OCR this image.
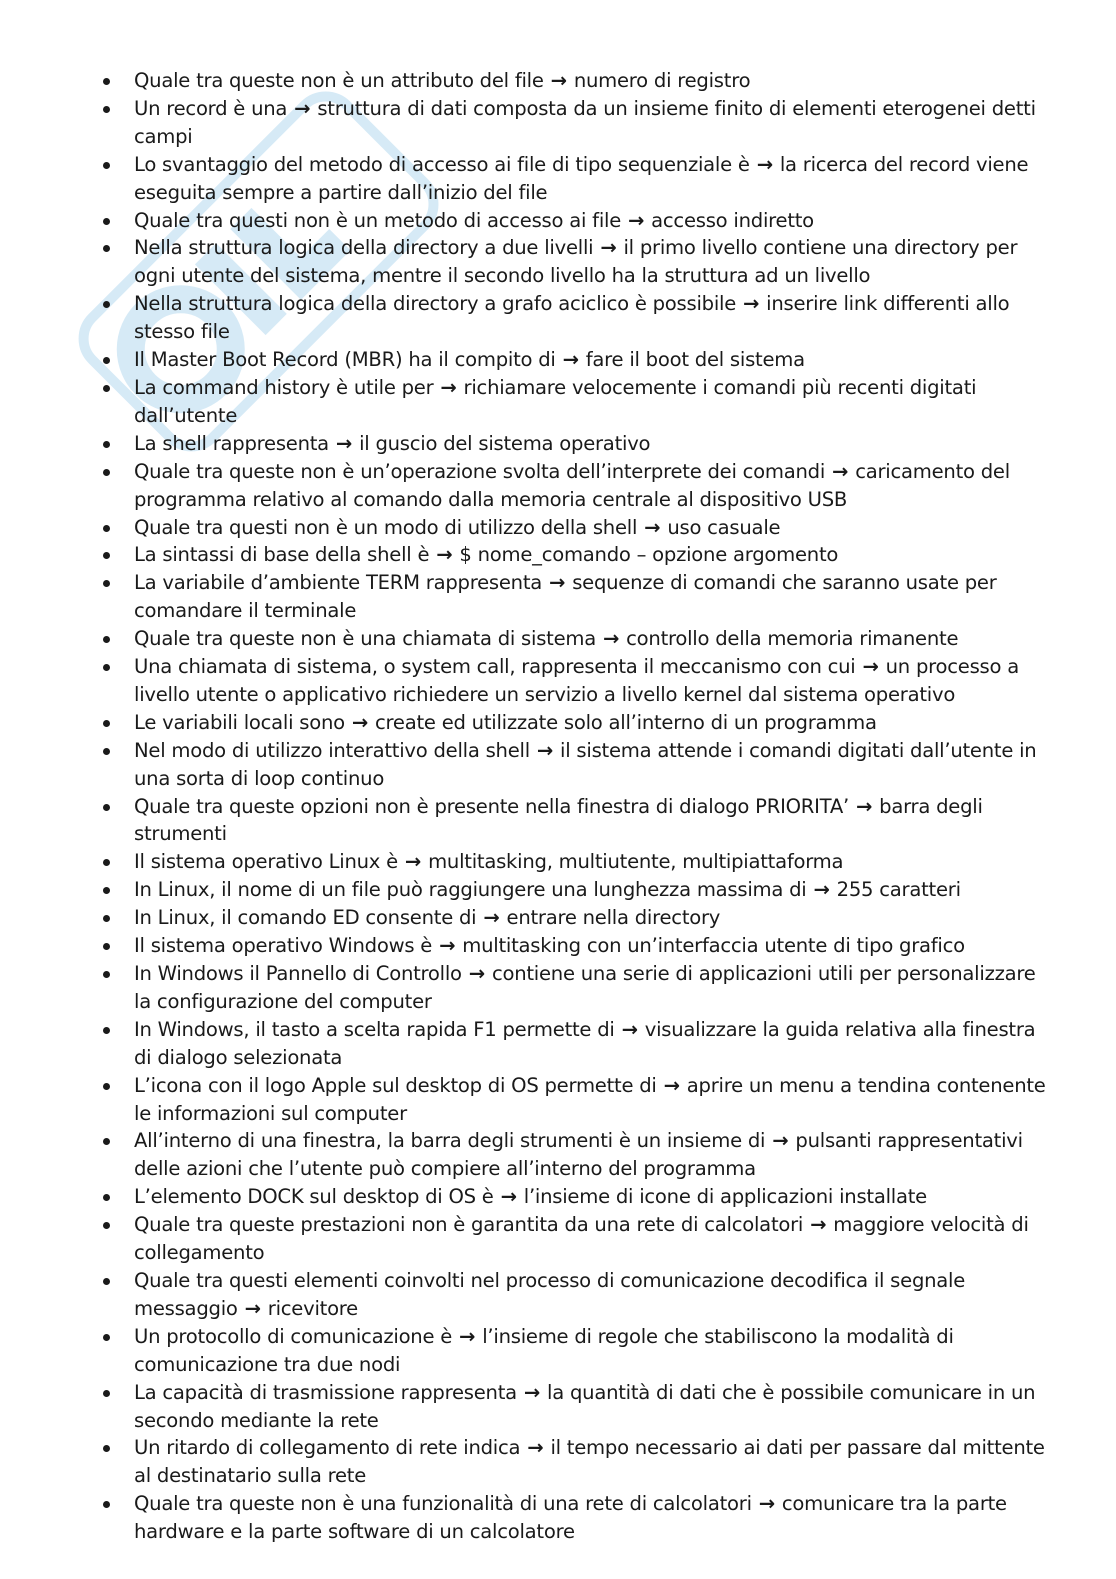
Quale tra queste non è un attributo del file → numero di registro
Un record è una → struttura di dati composta da un insieme finito di elementi eterogenei detti campi
Lo svantaggio del metodo di accesso ai file di tipo sequenziale è → la ricerca del record viene eseguita sempre a partire dall’inizio del file
Quale tra questi non è un metodo di accesso ai file → accesso indiretto
Nella struttura logica della directory a due livelli → il primo livello contiene una directory per ogni utente del sistema, mentre il secondo livello ha la struttura ad un livello
Nella struttura logica della directory a grafo aciclico è possibile → inserire link differenti allo stesso file
Il Master Boot Record (MBR) ha il compito di → fare il boot del sistema
La command history è utile per → richiamare velocemente i comandi più recenti digitati dall’utente
La shell rappresenta → il guscio del sistema operativo
Quale tra queste non è un’operazione svolta dell’interprete dei comandi → caricamento del programma relativo al comando dalla memoria centrale al dispositivo USB
Quale tra questi non è un modo di utilizzo della shell → uso casuale
La sintassi di base della shell è → $ nome_comando – opzione argomento
La variabile d’ambiente TERM rappresenta → sequenze di comandi che saranno usate per comandare il terminale
Quale tra queste non è una chiamata di sistema → controllo della memoria rimanente
Una chiamata di sistema, o system call, rappresenta il meccanismo con cui → un processo a livello utente o applicativo richiedere un servizio a livello kernel dal sistema operativo
Le variabili locali sono → create ed utilizzate solo all’interno di un programma
Nel modo di utilizzo interattivo della shell → il sistema attende i comandi digitati dall’utente in una sorta di loop continuo
Quale tra queste opzioni non è presente nella finestra di dialogo PRIORITA’ → barra degli strumenti
Il sistema operativo Linux è → multitasking, multiutente, multipiattaforma
In Linux, il nome di un file può raggiungere una lunghezza massima di → 255 caratteri
In Linux, il comando ED consente di → entrare nella directory
Il sistema operativo Windows è → multitasking con un’interfaccia utente di tipo grafico
In Windows il Pannello di Controllo → contiene una serie di applicazioni utili per personalizzare la configurazione del computer
In Windows, il tasto a scelta rapida F1 permette di → visualizzare la guida relativa alla finestra di dialogo selezionata
L’icona con il logo Apple sul desktop di OS permette di → aprire un menu a tendina contenente le informazioni sul computer
All’interno di una finestra, la barra degli strumenti è un insieme di → pulsanti rappresentativi delle azioni che l’utente può compiere all’interno del programma
L’elemento DOCK sul desktop di OS è → l’insieme di icone di applicazioni installate
Quale tra queste prestazioni non è garantita da una rete di calcolatori → maggiore velocità di collegamento
Quale tra questi elementi coinvolti nel processo di comunicazione decodifica il segnale messaggio → ricevitore
Un protocollo di comunicazione è → l’insieme di regole che stabiliscono la modalità di comunicazione tra due nodi
La capacità di trasmissione rappresenta → la quantità di dati che è possibile comunicare in un secondo mediante la rete
Un ritardo di collegamento di rete indica → il tempo necessario ai dati per passare dal mittente al destinatario sulla rete
Quale tra queste non è una funzionalità di una rete di calcolatori → comunicare tra la parte hardware e la parte software di un calcolatore
